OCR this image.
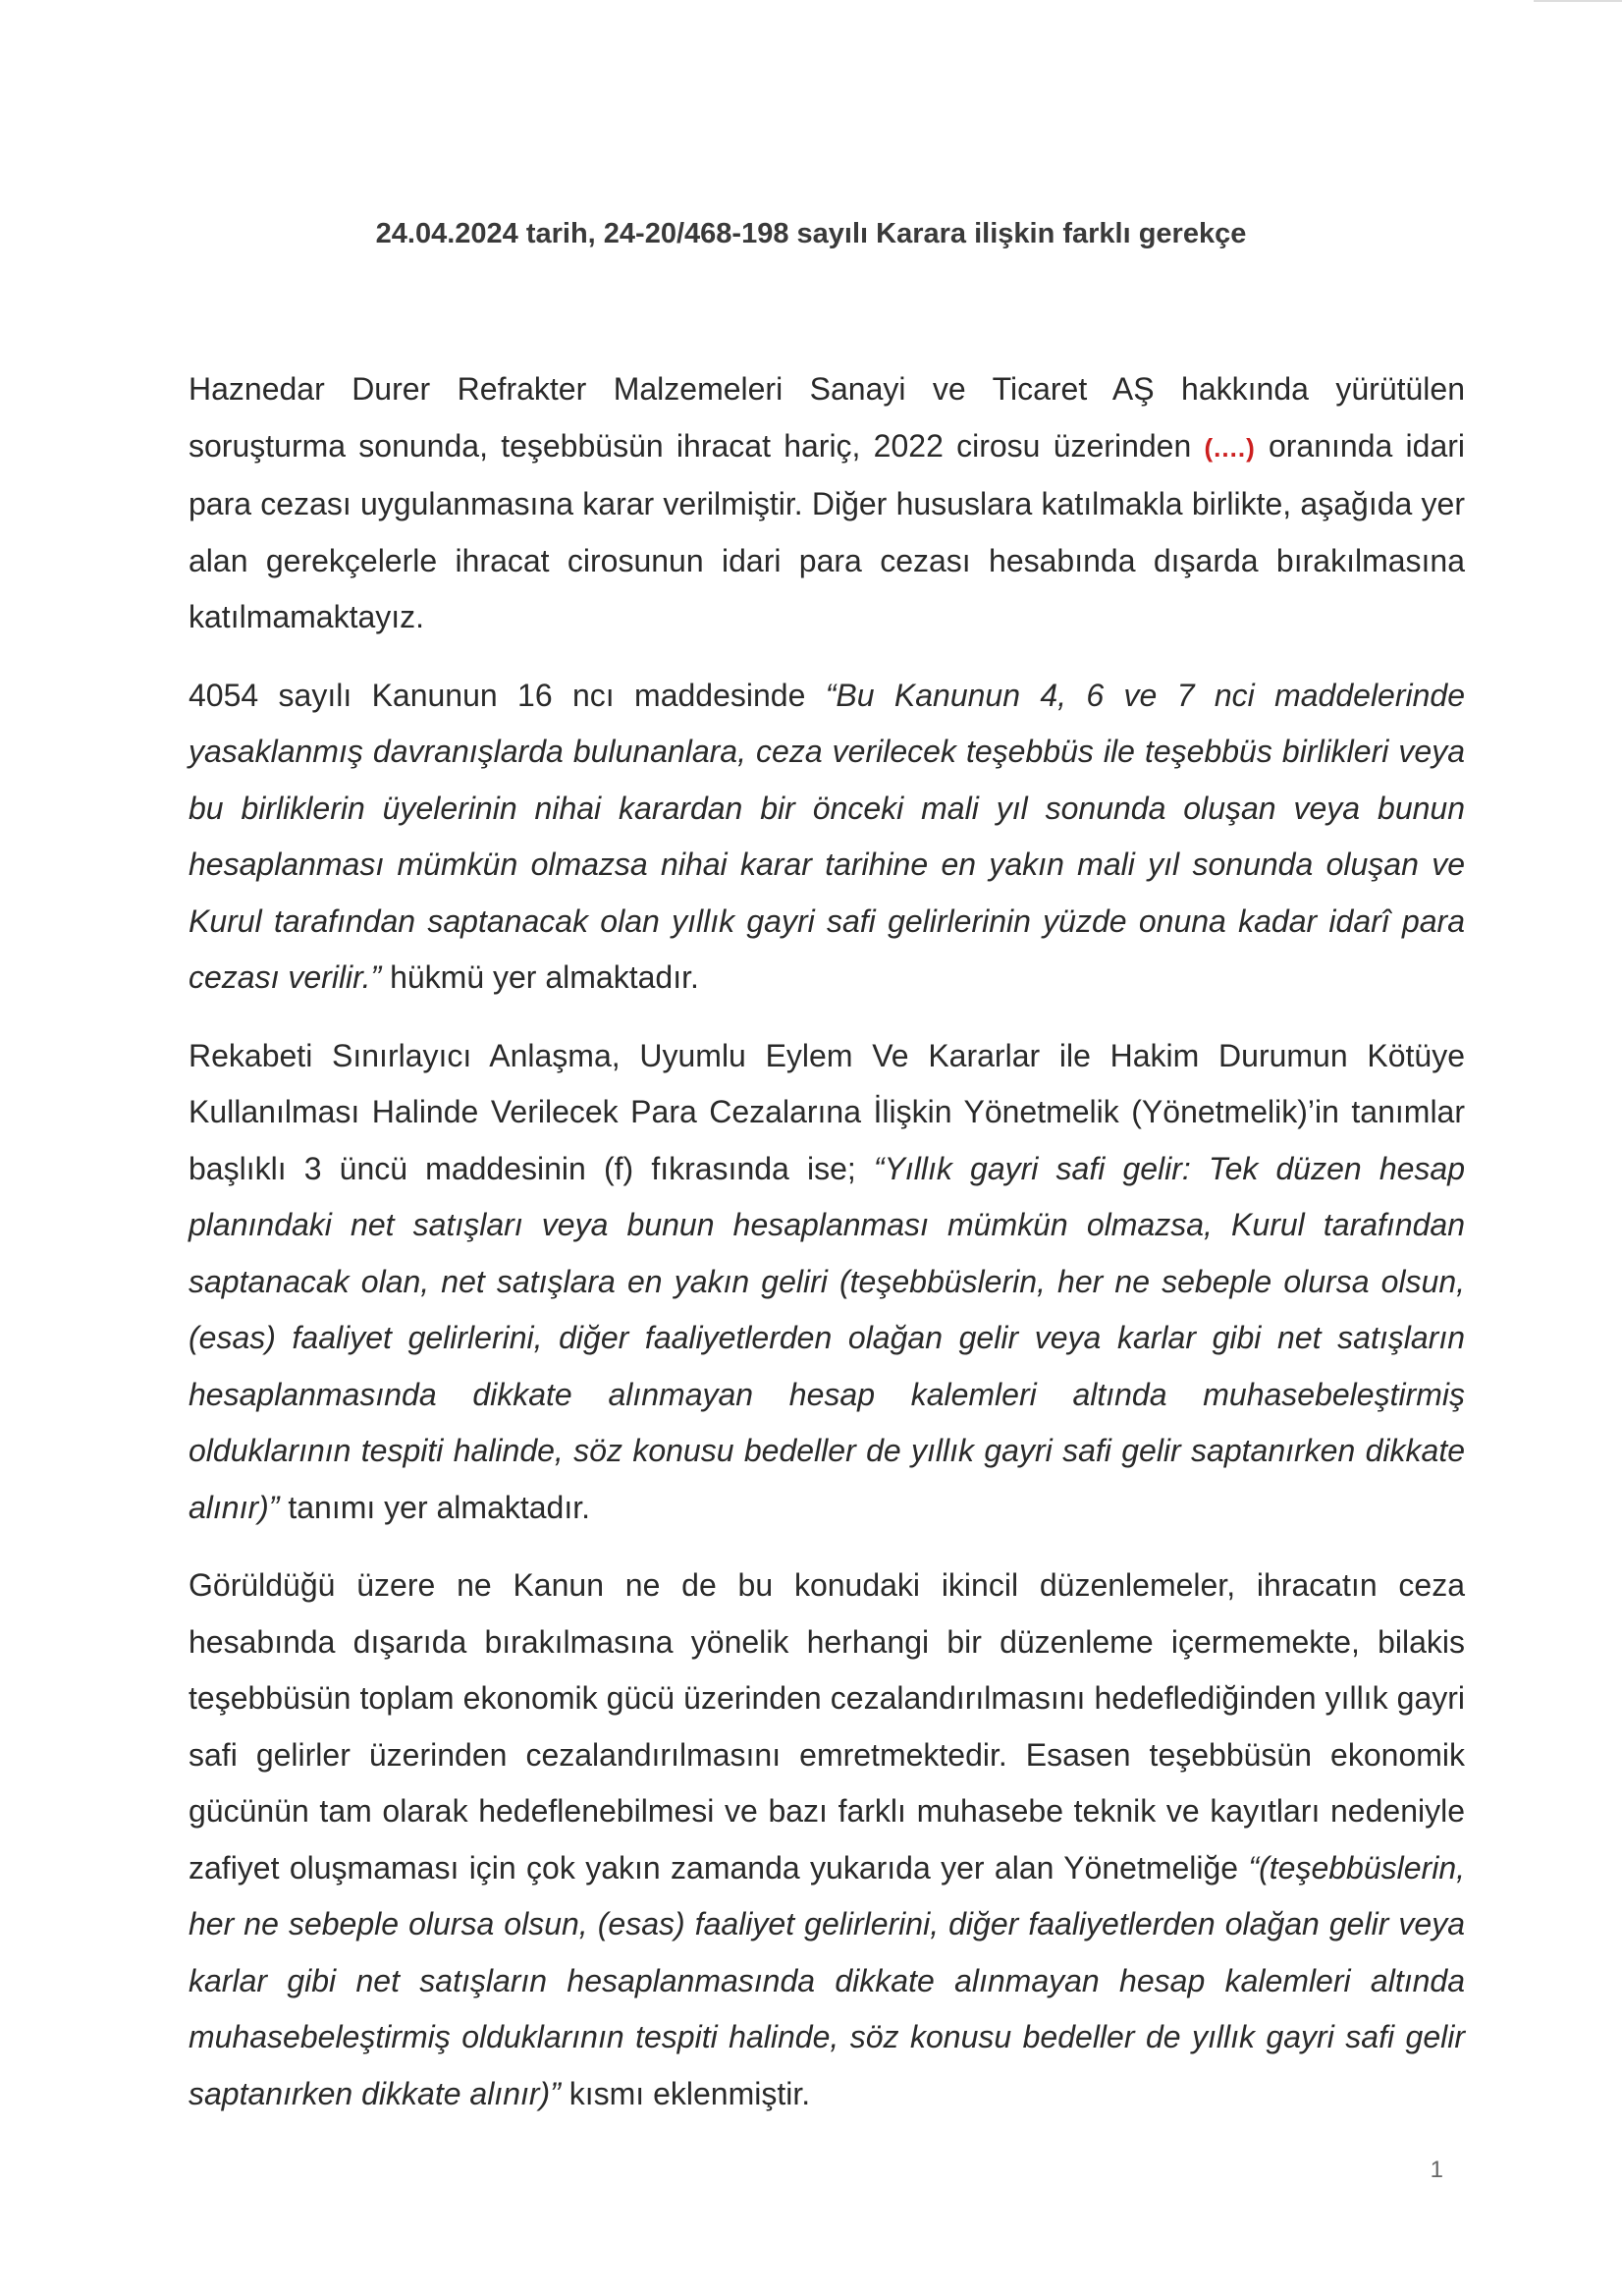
24.04.2024 tarih, 24-20/468-198 sayılı Karara ilişkin farklı gerekçe

Haznedar Durer Refrakter Malzemeleri Sanayi ve Ticaret AŞ hakkında yürütülen soruşturma sonunda, teşebbüsün ihracat hariç, 2022 cirosu üzerinden (....) oranında idari para cezası uygulanmasına karar verilmiştir. Diğer hususlara katılmakla birlikte, aşağıda yer alan gerekçelerle ihracat cirosunun idari para cezası hesabında dışarda bırakılmasına katılmamaktayız.

4054 sayılı Kanunun 16 ncı maddesinde “Bu Kanunun 4, 6 ve 7 nci maddelerinde yasaklanmış davranışlarda bulunanlara, ceza verilecek teşebbüs ile teşebbüs birlikleri veya bu birliklerin üyelerinin nihai karardan bir önceki mali yıl sonunda oluşan veya bunun hesaplanması mümkün olmazsa nihai karar tarihine en yakın mali yıl sonunda oluşan ve Kurul tarafından saptanacak olan yıllık gayri safi gelirlerinin yüzde onuna kadar idarî para cezası verilir.” hükmü yer almaktadır.

Rekabeti Sınırlayıcı Anlaşma, Uyumlu Eylem Ve Kararlar ile Hakim Durumun Kötüye Kullanılması Halinde Verilecek Para Cezalarına İlişkin Yönetmelik (Yönetmelik)’in tanımlar başlıklı 3 üncü maddesinin (f) fıkrasında ise; “Yıllık gayri safi gelir: Tek düzen hesap planındaki net satışları veya bunun hesaplanması mümkün olmazsa, Kurul tarafından saptanacak olan, net satışlara en yakın geliri (teşebbüslerin, her ne sebeple olursa olsun, (esas) faaliyet gelirlerini, diğer faaliyetlerden olağan gelir veya karlar gibi net satışların hesaplanmasında dikkate alınmayan hesap kalemleri altında muhasebeleştirmiş olduklarının tespiti halinde, söz konusu bedeller de yıllık gayri safi gelir saptanırken dikkate alınır)” tanımı yer almaktadır.

Görüldüğü üzere ne Kanun ne de bu konudaki ikincil düzenlemeler, ihracatın ceza hesabında dışarıda bırakılmasına yönelik herhangi bir düzenleme içermemekte, bilakis teşebbüsün toplam ekonomik gücü üzerinden cezalandırılmasını hedeflediğinden yıllık gayri safi gelirler üzerinden cezalandırılmasını emretmektedir. Esasen teşebbüsün ekonomik gücünün tam olarak hedeflenebilmesi ve bazı farklı muhasebe teknik ve kayıtları nedeniyle zafiyet oluşmaması için çok yakın zamanda yukarıda yer alan Yönetmeliğe “(teşebbüslerin, her ne sebeple olursa olsun, (esas) faaliyet gelirlerini, diğer faaliyetlerden olağan gelir veya karlar gibi net satışların hesaplanmasında dikkate alınmayan hesap kalemleri altında muhasebeleştirmiş olduklarının tespiti halinde, söz konusu bedeller de yıllık gayri safi gelir saptanırken dikkate alınır)” kısmı eklenmiştir.

1
